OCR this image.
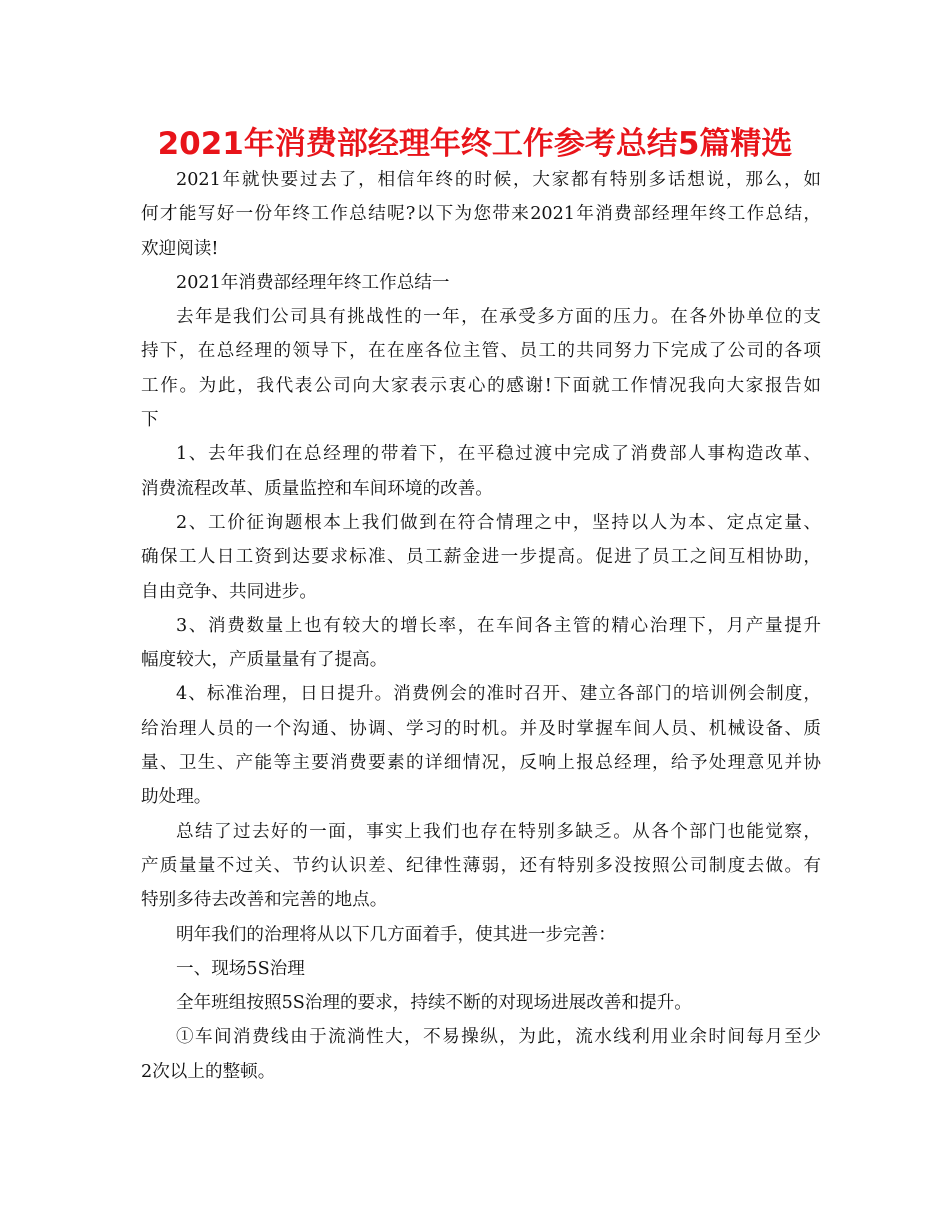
2021年消费部经理年终工作参考总结5篇精选
2021年就快要过去了，相信年终的时候，大家都有特别多话想说，那么，如
何才能写好一份年终工作总结呢?以下为您带来2021年消费部经理年终工作总结，
欢迎阅读!
2021年消费部经理年终工作总结一
去年是我们公司具有挑战性的一年，在承受多方面的压力。在各外协单位的支
持下，在总经理的领导下，在在座各位主管、员工的共同努力下完成了公司的各项
工作。为此，我代表公司向大家表示衷心的感谢!下面就工作情况我向大家报告如
下
1、去年我们在总经理的带着下，在平稳过渡中完成了消费部人事构造改革、
消费流程改革、质量监控和车间环境的改善。
2、工价征询题根本上我们做到在符合情理之中，坚持以人为本、定点定量、
确保工人日工资到达要求标准、员工薪金进一步提高。促进了员工之间互相协助，
自由竞争、共同进步。
3、消费数量上也有较大的增长率，在车间各主管的精心治理下，月产量提升
幅度较大，产质量量有了提高。
4、标准治理，日日提升。消费例会的准时召开、建立各部门的培训例会制度，
给治理人员的一个沟通、协调、学习的时机。并及时掌握车间人员、机械设备、质
量、卫生、产能等主要消费要素的详细情况，反响上报总经理，给予处理意见并协
助处理。
总结了过去好的一面，事实上我们也存在特别多缺乏。从各个部门也能觉察，
产质量量不过关、节约认识差、纪律性薄弱，还有特别多没按照公司制度去做。有
特别多待去改善和完善的地点。
明年我们的治理将从以下几方面着手，使其进一步完善：
一、现场5S治理
全年班组按照5S治理的要求，持续不断的对现场进展改善和提升。
①车间消费线由于流淌性大，不易操纵，为此，流水线利用业余时间每月至少
2次以上的整顿。
